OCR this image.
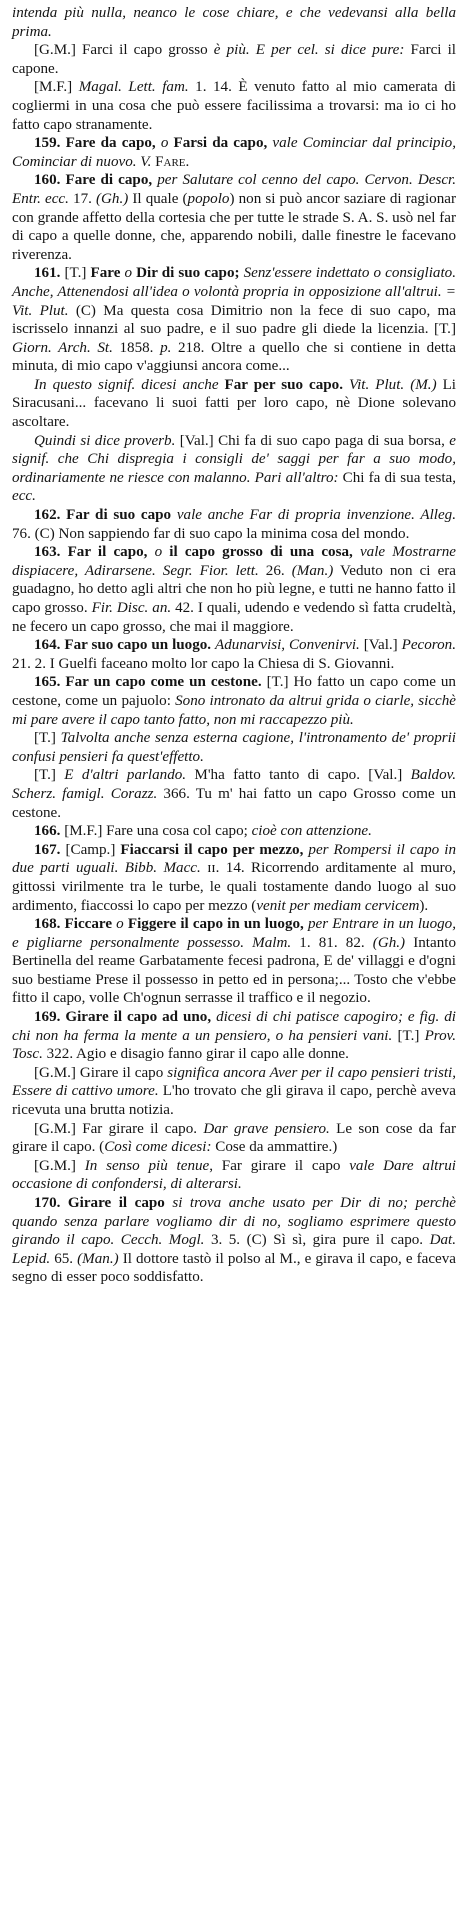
intenda più nulla, neanco le cose chiare, e che vedevansi alla bella prima.

[G.M.] Farci il capo grosso è più. E per cel. si dice pure: Farci il capone.

[M.F.] Magal. Lett. fam. 1. 14. È venuto fatto al mio camerata di cogliermi in una cosa che può essere facilissima a trovarsi: ma io ci ho fatto capo stranamente.

159. Fare da capo, o Farsi da capo, vale Cominciar dal principio, Cominciar di nuovo. V. Fare.

160. Fare di capo, per Salutare col cenno del capo. Cervon. Descr. Entr. ecc. 17. (Gh.) Il quale (popolo) non si può ancor saziare di ragionar con grande affetto della cortesia che per tutte le strade S. A. S. usò nel far di capo a quelle donne, che, apparendo nobili, dalle finestre le facevano riverenza.

161. [T.] Fare o Dir di suo capo; Senz'essere indettato o consigliato. Anche, Attenendosi all'idea o volontà propria in opposizione all'altrui. = Vit. Plut. (C) Ma questa cosa Dimitrio non la fece di suo capo, ma iscrisselo innanzi al suo padre, e il suo padre gli diede la licenzia. [T.] Giorn. Arch. St. 1858. p. 218. Oltre a quello che si contiene in detta minuta, di mio capo v'aggiunsi ancora come...

In questo signif. dicesi anche Far per suo capo. Vit. Plut. (M.) Li Siracusani... facevano li suoi fatti per loro capo, nè Dione solevano ascoltare.

Quindi si dice proverb. [Val.] Chi fa di suo capo paga di sua borsa, e signif. che Chi dispregia i consigli de' saggi per far a suo modo, ordinariamente ne riesce con malanno. Pari all'altro: Chi fa di sua testa, ecc.

162. Far di suo capo vale anche Far di propria invenzione. Alleg. 76. (C) Non sappiendo far di suo capo la minima cosa del mondo.

163. Far il capo, o il capo grosso di una cosa, vale Mostrarne dispiacere, Adirarsene. Segr. Fior. lett. 26. (Man.) Veduto non ci era guadagno, ho detto agli altri che non ho più legne, e tutti ne hanno fatto il capo grosso. Fir. Disc. an. 42. I quali, udendo e vedendo sì fatta crudeltà, ne fecero un capo grosso, che mai il maggiore.

164. Far suo capo un luogo. Adunarvisi, Convenirvi. [Val.] Pecoron. 21. 2. I Guelfi faceano molto lor capo la Chiesa di S. Giovanni.

165. Far un capo come un cestone. [T.] Ho fatto un capo come un cestone, come un pajuolo: Sono intronato da altrui grida o ciarle, sicchè mi pare avere il capo tanto fatto, non mi raccapezzo più.

[T.] Talvolta anche senza esterna cagione, l'intronamento de' proprii confusi pensieri fa quest'effetto.

[T.] E d'altri parlando. M'ha fatto tanto di capo. [Val.] Baldov. Scherz. famigl. Corazz. 366. Tu m' hai fatto un capo Grosso come un cestone.

166. [M.F.] Fare una cosa col capo; cioè con attenzione.

167. [Camp.] Fiaccarsi il capo per mezzo, per Rompersi il capo in due parti uguali. Bibb. Macc. ɪɪ. 14. Ricorrendo arditamente al muro, gittossi virilmente tra le turbe, le quali tostamente dando luogo al suo ardimento, fiaccossi lo capo per mezzo (venit per mediam cervicem).

168. Ficcare o Figgere il capo in un luogo, per Entrare in un luogo, e pigliarne personalmente possesso. Malm. 1. 81. 82. (Gh.) Intanto Bertinella del reame Garbatamente fecesi padrona, E de' villaggi e d'ogni suo bestiame Prese il possesso in petto ed in persona;... Tosto che v'ebbe fitto il capo, volle Ch'ognun serrasse il traffico e il negozio.

169. Girare il capo ad uno, dicesi di chi patisce capogiro; e fig. di chi non ha ferma la mente a un pensiero, o ha pensieri vani. [T.] Prov. Tosc. 322. Agio e disagio fanno girar il capo alle donne.

[G.M.] Girare il capo significa ancora Aver per il capo pensieri tristi, Essere di cattivo umore. L'ho trovato che gli girava il capo, perchè aveva ricevuta una brutta notizia.

[G.M.] Far girare il capo. Dar grave pensiero. Le son cose da far girare il capo. (Così come dicesi: Cose da ammattire.)

[G.M.] In senso più tenue, Far girare il capo vale Dare altrui occasione di confondersi, di alterarsi.

170. Girare il capo si trova anche usato per Dir di no; perchè quando senza parlare vogliamo dir di no, sogliamo esprimere questo girando il capo. Cecch. Mogl. 3. 5. (C) Sì sì, gira pure il capo. Dat. Lepid. 65. (Man.) Il dottore tastò il polso al M., e girava il capo, e faceva segno di esser poco soddisfatto.
